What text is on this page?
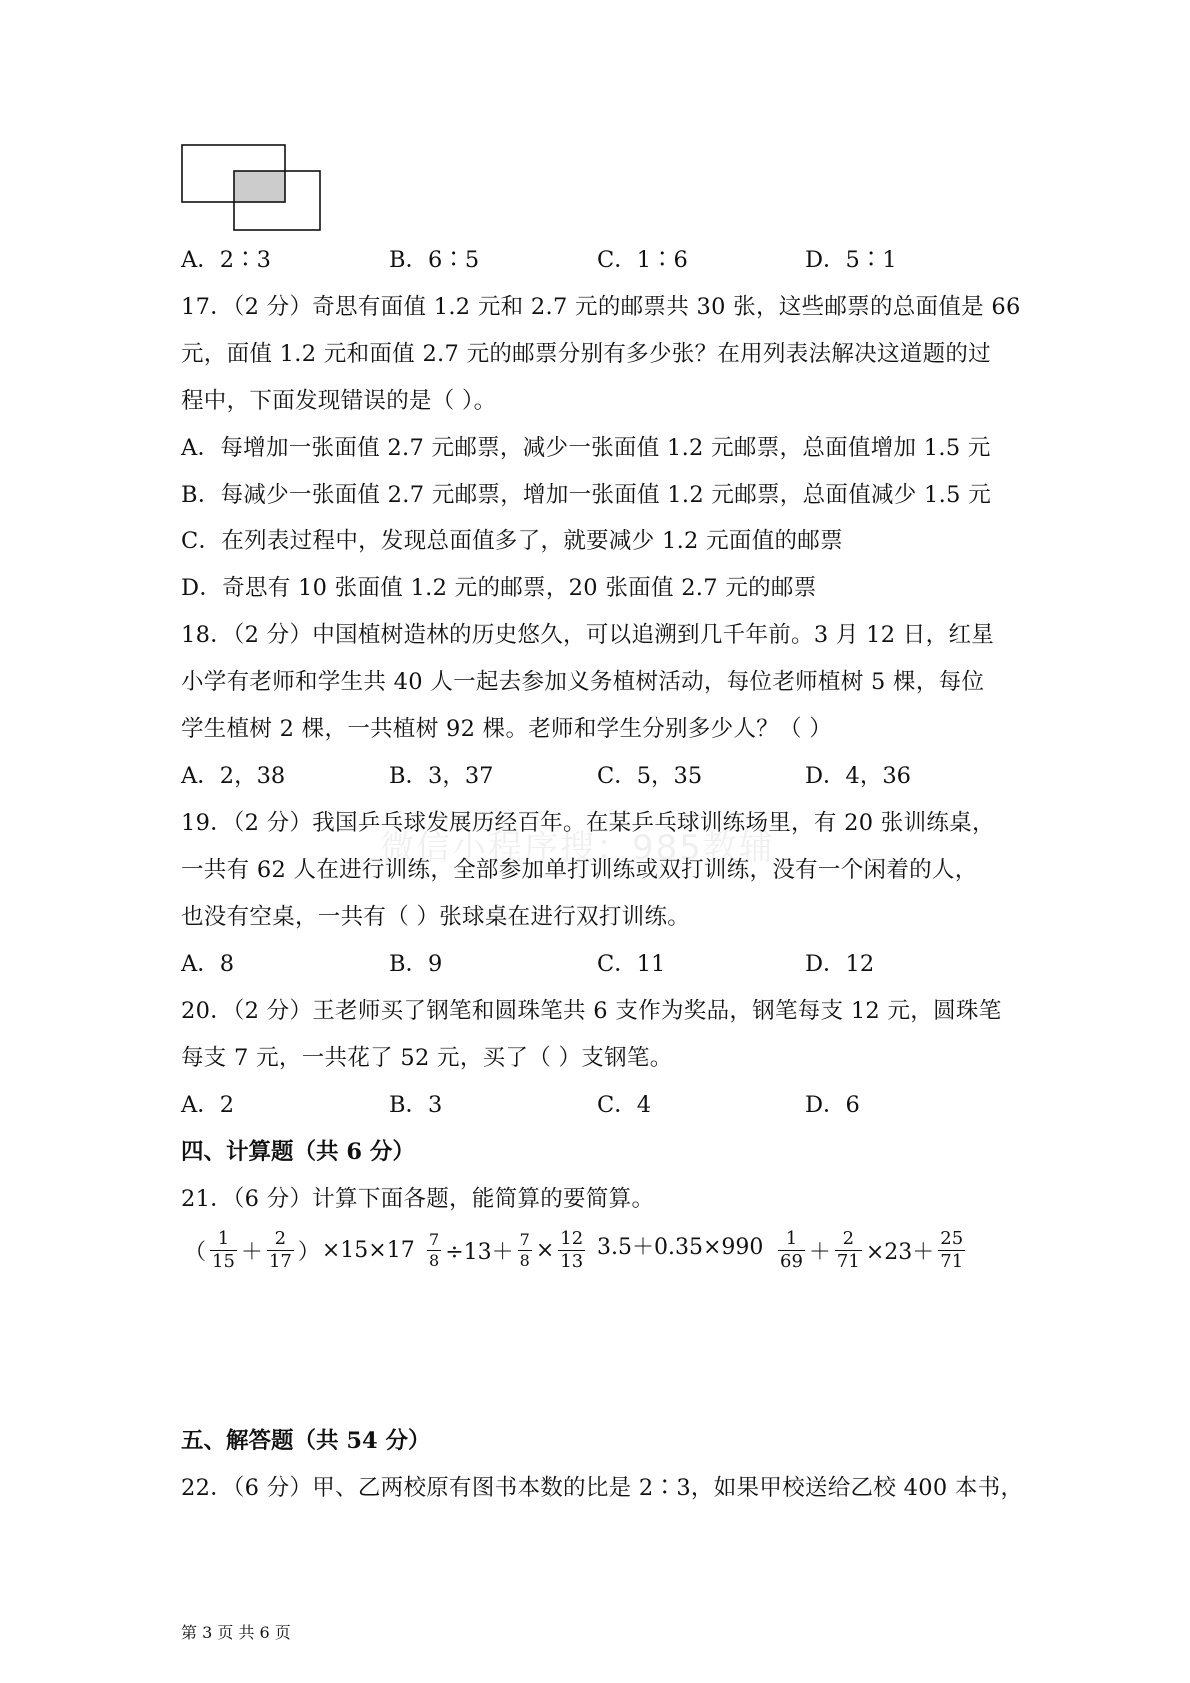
A．2∶3	B．6∶5	C．1∶6	D．5∶1
17．（2 分）奇思有面值 1.2 元和 2.7 元的邮票共 30 张，这些邮票的总面值是 66
元，面值 1.2 元和面值 2.7 元的邮票分别有多少张？在用列表法解决这道题的过
程中，下面发现错误的是（ ）。
A．每增加一张面值 2.7 元邮票，减少一张面值 1.2 元邮票，总面值增加 1.5 元
B．每减少一张面值 2.7 元邮票，增加一张面值 1.2 元邮票，总面值减少 1.5 元
C．在列表过程中，发现总面值多了，就要减少 1.2 元面值的邮票
D．奇思有 10 张面值 1.2 元的邮票，20 张面值 2.7 元的邮票
18．（2 分）中国植树造林的历史悠久，可以追溯到几千年前。3 月 12 日，红星
小学有老师和学生共 40 人一起去参加义务植树活动，每位老师植树 5 棵，每位
学生植树 2 棵，一共植树 92 棵。老师和学生分别多少人？（ ）
A．2，38	B．3，37	C．5，35	D．4，36
微信小程序搜：985教辅
19．（2 分）我国乒乓球发展历经百年。在某乒乓球训练场里，有 20 张训练桌，
一共有 62 人在进行训练，全部参加单打训练或双打训练，没有一个闲着的人，
也没有空桌，一共有（ ）张球桌在进行双打训练。
A．8	B．9	C．11	D．12
20．（2 分）王老师买了钢笔和圆珠笔共 6 支作为奖品，钢笔每支 12 元，圆珠笔
每支 7 元，一共花了 52 元，买了（ ）支钢笔。
A．2	B．3	C．4	D．6
四、计算题（共 6 分）
21．（6 分）计算下面各题，能简算的要简算。
（ $\frac{1}{15} + \frac{2}{17}$ ） $\times 15\times 17 \frac{7}{8} \div 13+ \frac{7}{8} \times \frac{12}{13} 3.5+0.35\times 990 \frac{1}{69} + \frac{2}{71} \times 23+ \frac{25}{71}$
五、解答题（共 54 分）
22．（6 分）甲、乙两校原有图书本数的比是 2∶3，如果甲校送给乙校 400 本书，
第 3 页 共 6 页
